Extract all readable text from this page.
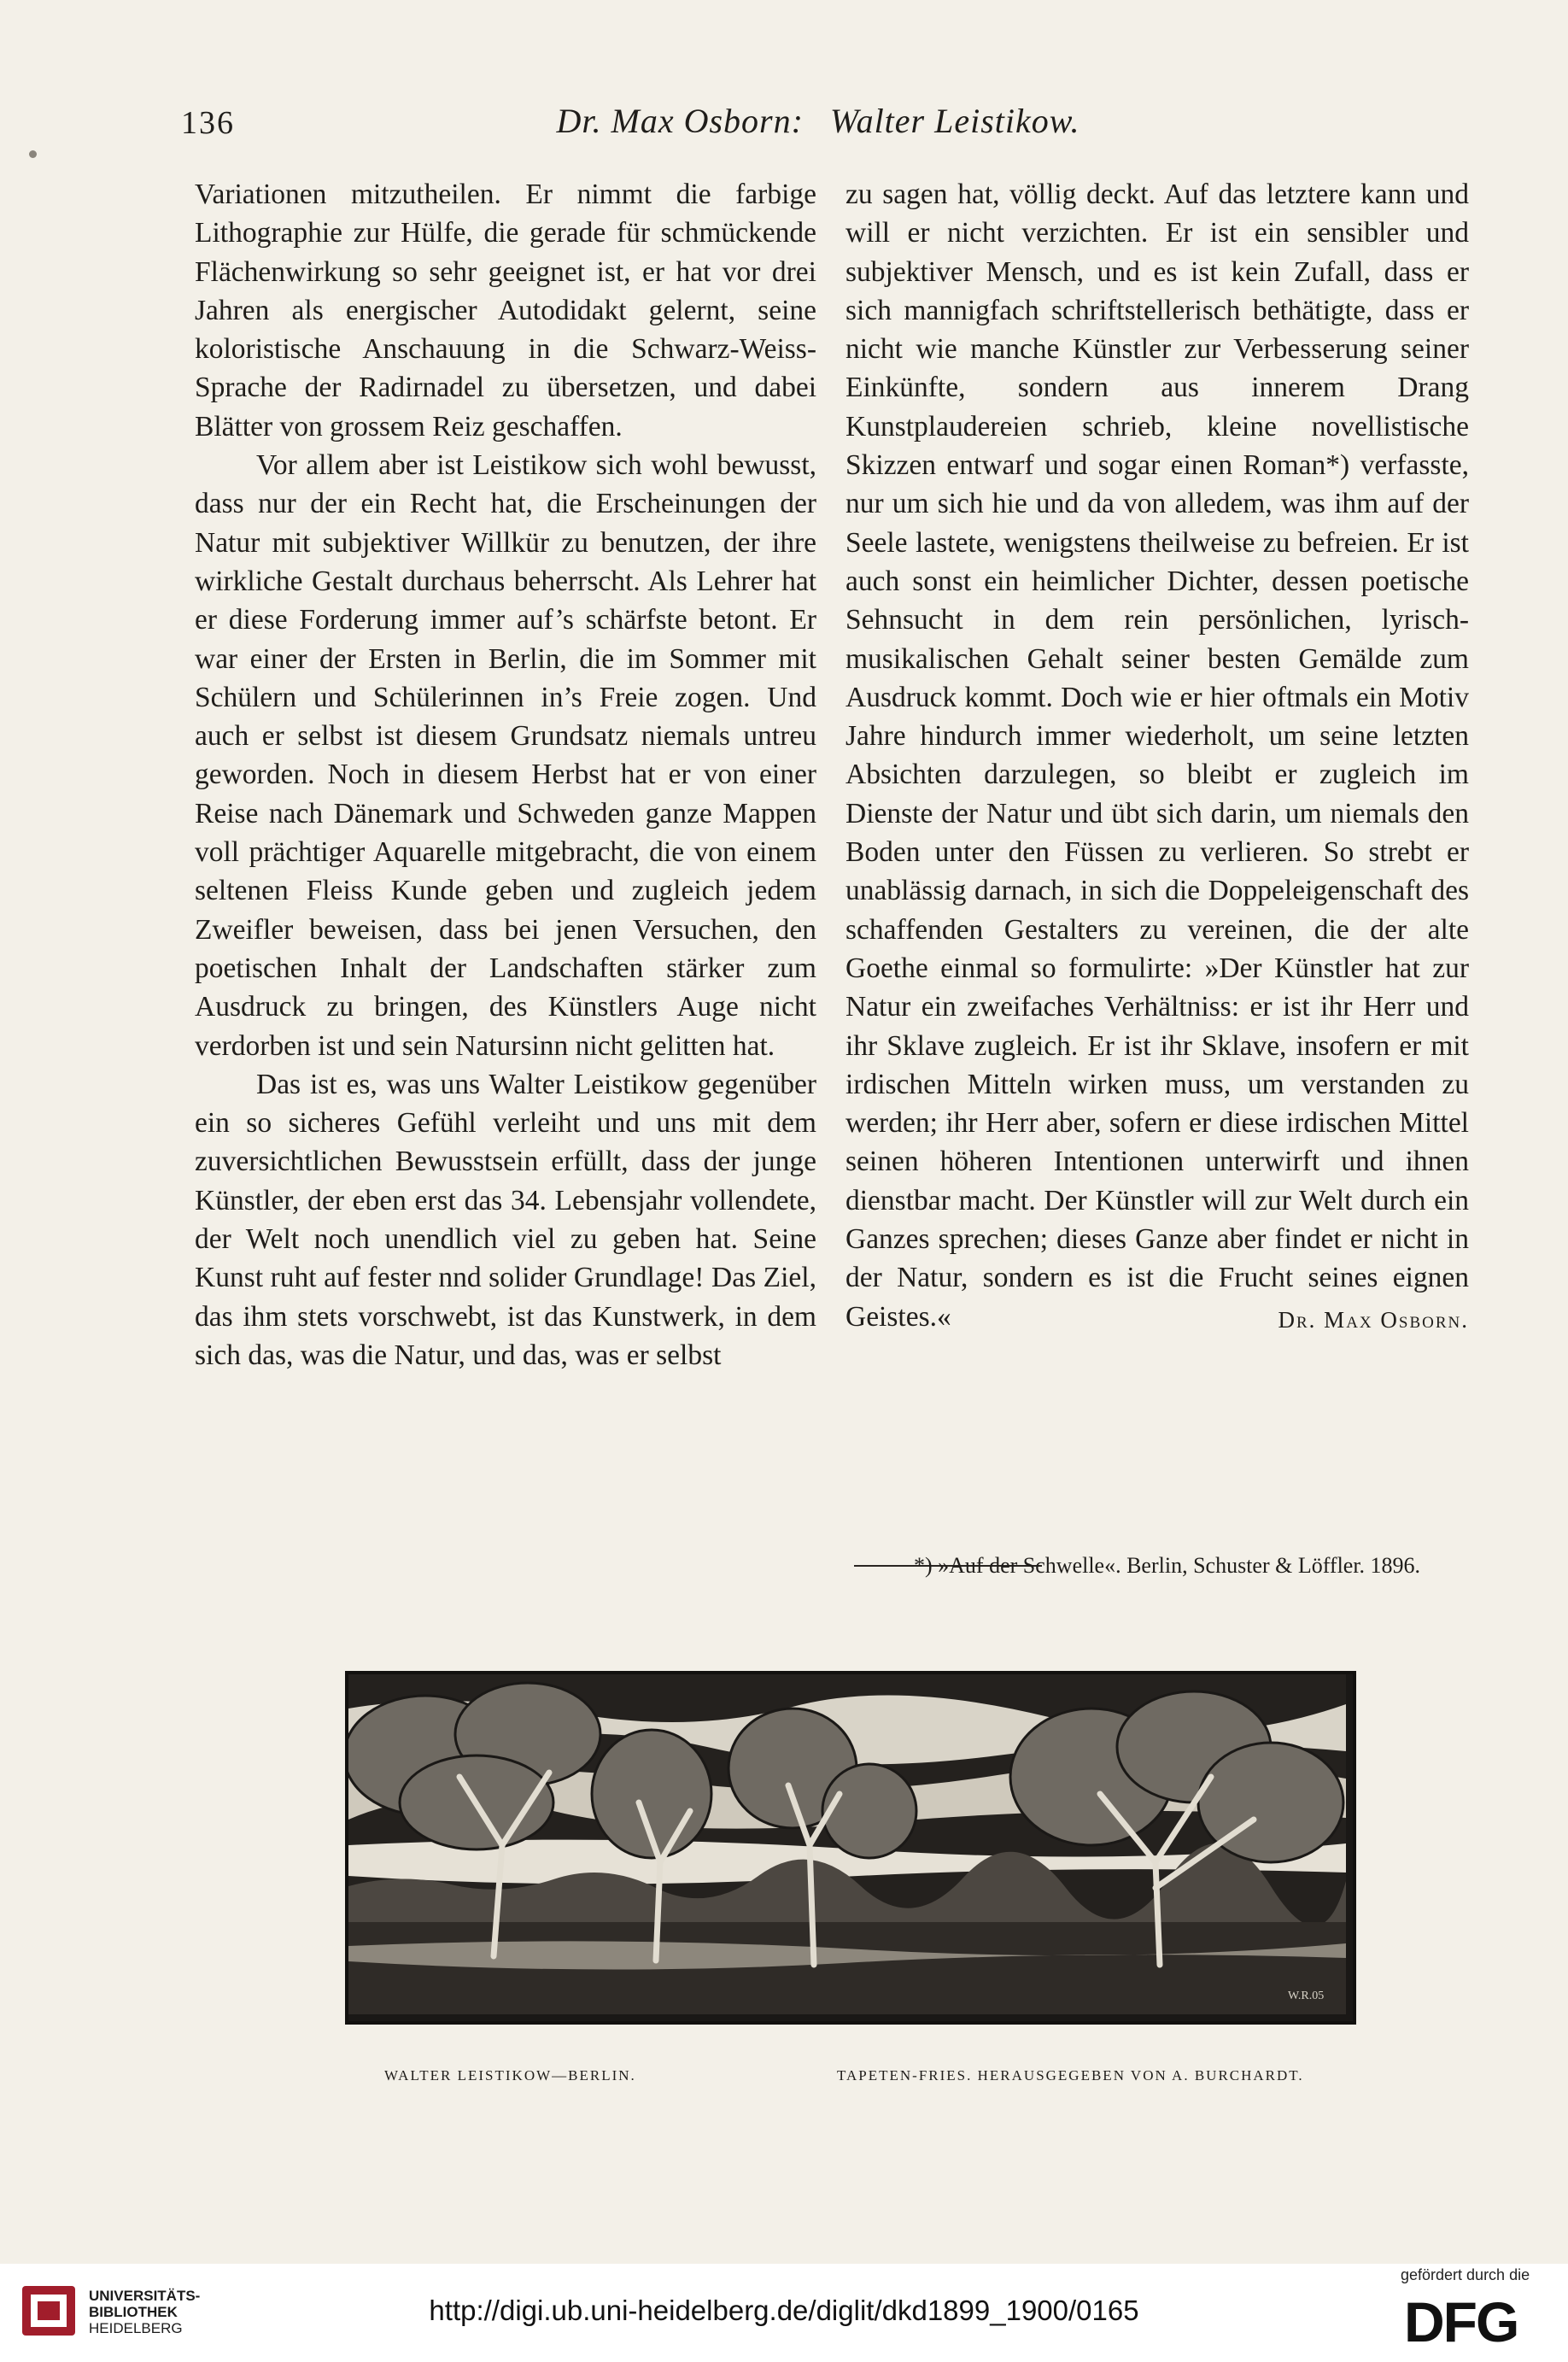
136	Dr. Max Osborn: Walter Leistikow.

Variationen mitzutheilen. Er nimmt die farbige Lithographie zur Hülfe, die gerade für schmückende Flächenwirkung so sehr geeignet ist, er hat vor drei Jahren als energischer Autodidakt gelernt, seine koloristische Anschauung in die Schwarz-Weiss-Sprache der Radirnadel zu übersetzen, und dabei Blätter von grossem Reiz geschaffen.

Vor allem aber ist Leistikow sich wohl bewusst, dass nur der ein Recht hat, die Erscheinungen der Natur mit subjektiver Willkür zu benutzen, der ihre wirkliche Gestalt durchaus beherrscht. Als Lehrer hat er diese Forderung immer auf’s schärfste betont. Er war einer der Ersten in Berlin, die im Sommer mit Schülern und Schülerinnen in’s Freie zogen. Und auch er selbst ist diesem Grundsatz niemals untreu geworden. Noch in diesem Herbst hat er von einer Reise nach Dänemark und Schweden ganze Mappen voll prächtiger Aquarelle mitgebracht, die von einem seltenen Fleiss Kunde geben und zugleich jedem Zweifler beweisen, dass bei jenen Versuchen, den poetischen Inhalt der Landschaften stärker zum Ausdruck zu bringen, des Künstlers Auge nicht verdorben ist und sein Natursinn nicht gelitten hat.

Das ist es, was uns Walter Leistikow gegenüber ein so sicheres Gefühl verleiht und uns mit dem zuversichtlichen Bewusstsein erfüllt, dass der junge Künstler, der eben erst das 34. Lebensjahr vollendete, der Welt noch unendlich viel zu geben hat. Seine Kunst ruht auf fester nnd solider Grundlage! Das Ziel, das ihm stets vorschwebt, ist das Kunstwerk, in dem sich das, was die Natur, und das, was er selbst

zu sagen hat, völlig deckt. Auf das letztere kann und will er nicht verzichten. Er ist ein sensibler und subjektiver Mensch, und es ist kein Zufall, dass er sich mannigfach schriftstellerisch bethätigte, dass er nicht wie manche Künstler zur Verbesserung seiner Einkünfte, sondern aus innerem Drang Kunstplaudereien schrieb, kleine novellistische Skizzen entwarf und sogar einen Roman*) verfasste, nur um sich hie und da von alledem, was ihm auf der Seele lastete, wenigstens theilweise zu befreien. Er ist auch sonst ein heimlicher Dichter, dessen poetische Sehnsucht in dem rein persönlichen, lyrisch-musikalischen Gehalt seiner besten Gemälde zum Ausdruck kommt. Doch wie er hier oftmals ein Motiv Jahre hindurch immer wiederholt, um seine letzten Absichten darzulegen, so bleibt er zugleich im Dienste der Natur und übt sich darin, um niemals den Boden unter den Füssen zu verlieren. So strebt er unablässig darnach, in sich die Doppeleigenschaft des schaffenden Gestalters zu vereinen, die der alte Goethe einmal so formulirte: »Der Künstler hat zur Natur ein zweifaches Verhältniss: er ist ihr Herr und ihr Sklave zugleich. Er ist ihr Sklave, insofern er mit irdischen Mitteln wirken muss, um verstanden zu werden; ihr Herr aber, sofern er diese irdischen Mittel seinen höheren Intentionen unterwirft und ihnen dienstbar macht. Der Künstler will zur Welt durch ein Ganzes sprechen; dieses Ganze aber findet er nicht in der Natur, sondern es ist die Frucht seines eignen Geistes.«	Dr. Max Osborn.

*) »Auf der Schwelle«. Berlin, Schuster & Löffler. 1896.
W.R.05
WALTER LEISTIKOW—BERLIN.	TAPETEN-FRIES. HERAUSGEGEBEN VON A. BURCHARDT.
UNIVERSITÄTS-
BIBLIOTHEK
HEIDELBERG
http://digi.ub.uni-heidelberg.de/diglit/dkd1899_1900/0165
gefördert durch die
DFG
